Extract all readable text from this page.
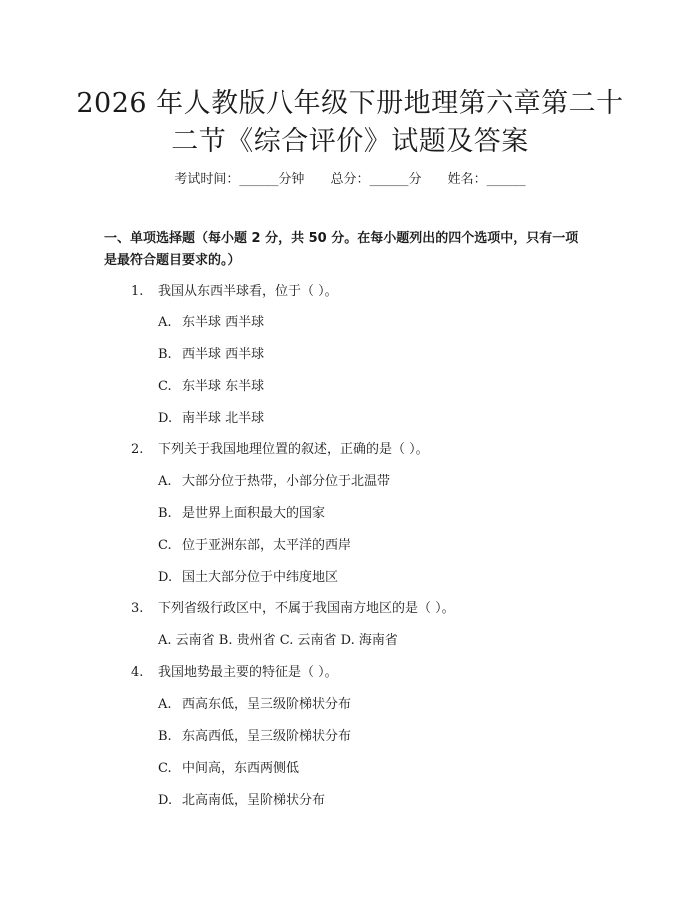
2026 年人教版八年级下册地理第六章第二十
二节《综合评价》试题及答案
考试时间：______分钟 总分：______分 姓名：______
一、单项选择题（每小题 2 分，共 50 分。在每小题列出的四个选项中，只有一项
是最符合题目要求的。）
1. 我国从东西半球看，位于（ ）。
A. 东半球 西半球
B. 西半球 西半球
C. 东半球 东半球
D. 南半球 北半球
2. 下列关于我国地理位置的叙述，正确的是（ ）。
A. 大部分位于热带，小部分位于北温带
B. 是世界上面积最大的国家
C. 位于亚洲东部，太平洋的西岸
D. 国土大部分位于中纬度地区
3. 下列省级行政区中，不属于我国南方地区的是（ ）。
A. 云南省 B. 贵州省 C. 云南省 D. 海南省
4. 我国地势最主要的特征是（ ）。
A. 西高东低，呈三级阶梯状分布
B. 东高西低，呈三级阶梯状分布
C. 中间高，东西两侧低
D. 北高南低，呈阶梯状分布
